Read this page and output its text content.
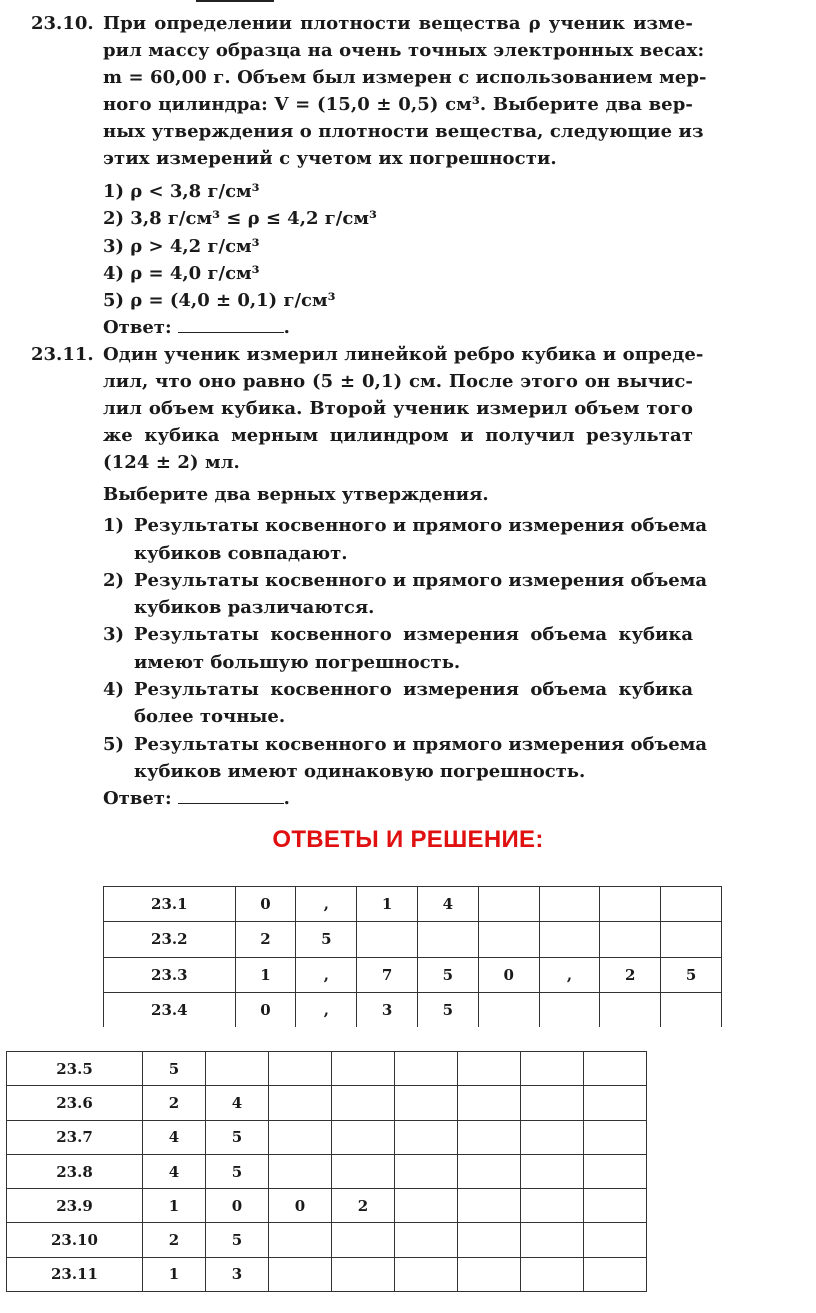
23.10. При определении плотности вещества ρ ученик изме-
рил массу образца на очень точных электронных весах:
m = 60,00 г. Объем был измерен с использованием мер-
ного цилиндра: V = (15,0 ± 0,5) см³. Выберите два вер-
ных утверждения о плотности вещества, следующие из
этих измерений с учетом их погрешности.
1) ρ < 3,8 г/см³
2) 3,8 г/см³ ≤ ρ ≤ 4,2 г/см³
3) ρ > 4,2 г/см³
4) ρ = 4,0 г/см³
5) ρ = (4,0 ± 0,1) г/см³
Ответ:	.
23.11. Один ученик измерил линейкой ребро кубика и опреде-
лил, что оно равно (5 ± 0,1) см. После этого он вычис-
лил объем кубика. Второй ученик измерил объем того
же кубика мерным цилиндром и получил результат
(124 ± 2) мл.
Выберите два верных утверждения.
1) Результаты косвенного и прямого измерения объема
кубиков совпадают.
2) Результаты косвенного и прямого измерения объема
кубиков различаются.
3) Результаты косвенного измерения объема кубика
имеют большую погрешность.
4) Результаты косвенного измерения объема кубика
более точные.
5) Результаты косвенного и прямого измерения объема
кубиков имеют одинаковую погрешность.
Ответ:	.
ОТВЕТЫ И РЕШЕНИЕ:
23.1	0	,	1	4				
23.2	2	5						
23.3	1	,	7	5	0	,	2	5
23.4	0	,	3	5				
23.5	5							
23.6	2	4						
23.7	4	5						
23.8	4	5						
23.9	1	0	0	2				
23.10	2	5						
23.11	1	3						
